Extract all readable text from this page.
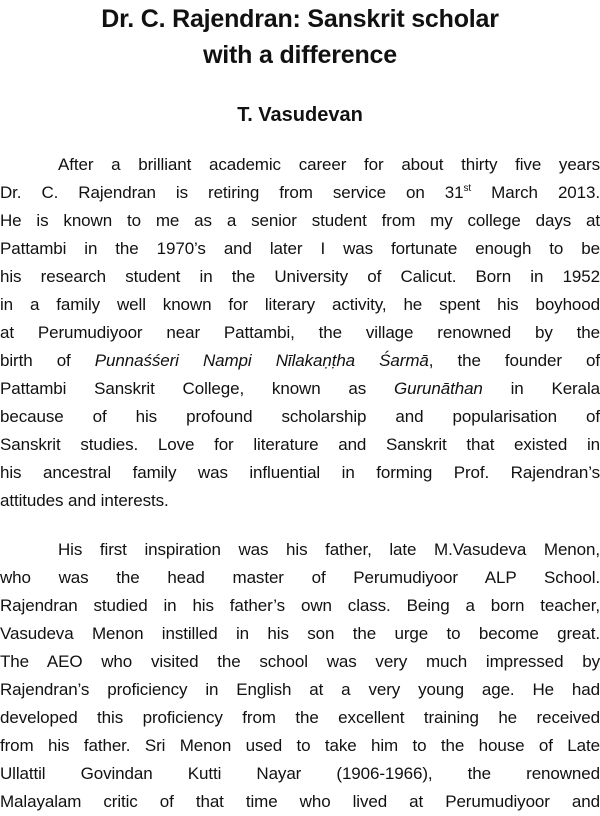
Dr. C. Rajendran: Sanskrit scholar
with a difference
T. Vasudevan

After a brilliant academic career for about thirty five years

Dr. C. Rajendran is retiring from service on 31st March 2013.

He is known to me as a senior student from my college days at

Pattambi in the 1970’s and later I was fortunate enough to be

his research student in the University of Calicut. Born in 1952

in a family well known for literary activity, he spent his boyhood

at Perumudiyoor near Pattambi, the village renowned by the

birth of Punnaśśeri Nampi Nīlakaṇṭha Śarmā, the founder of

Pattambi Sanskrit College, known as Gurunāthan in Kerala

because of his profound scholarship and popularisation of

Sanskrit studies. Love for literature and Sanskrit that existed in

his ancestral family was influential in forming Prof. Rajendran’s

attitudes and interests.

His first inspiration was his father, late M.Vasudeva Menon,

who was the head master of Perumudiyoor ALP School.

Rajendran studied in his father’s own class. Being a born teacher,

Vasudeva Menon instilled in his son the urge to become great.

The AEO who visited the school was very much impressed by

Rajendran’s proficiency in English at a very young age. He had

developed this proficiency from the excellent training he received

from his father. Sri Menon used to take him to the house of Late

Ullattil Govindan Kutti Nayar (1906-1966), the renowned

Malayalam critic of that time who lived at Perumudiyoor and
